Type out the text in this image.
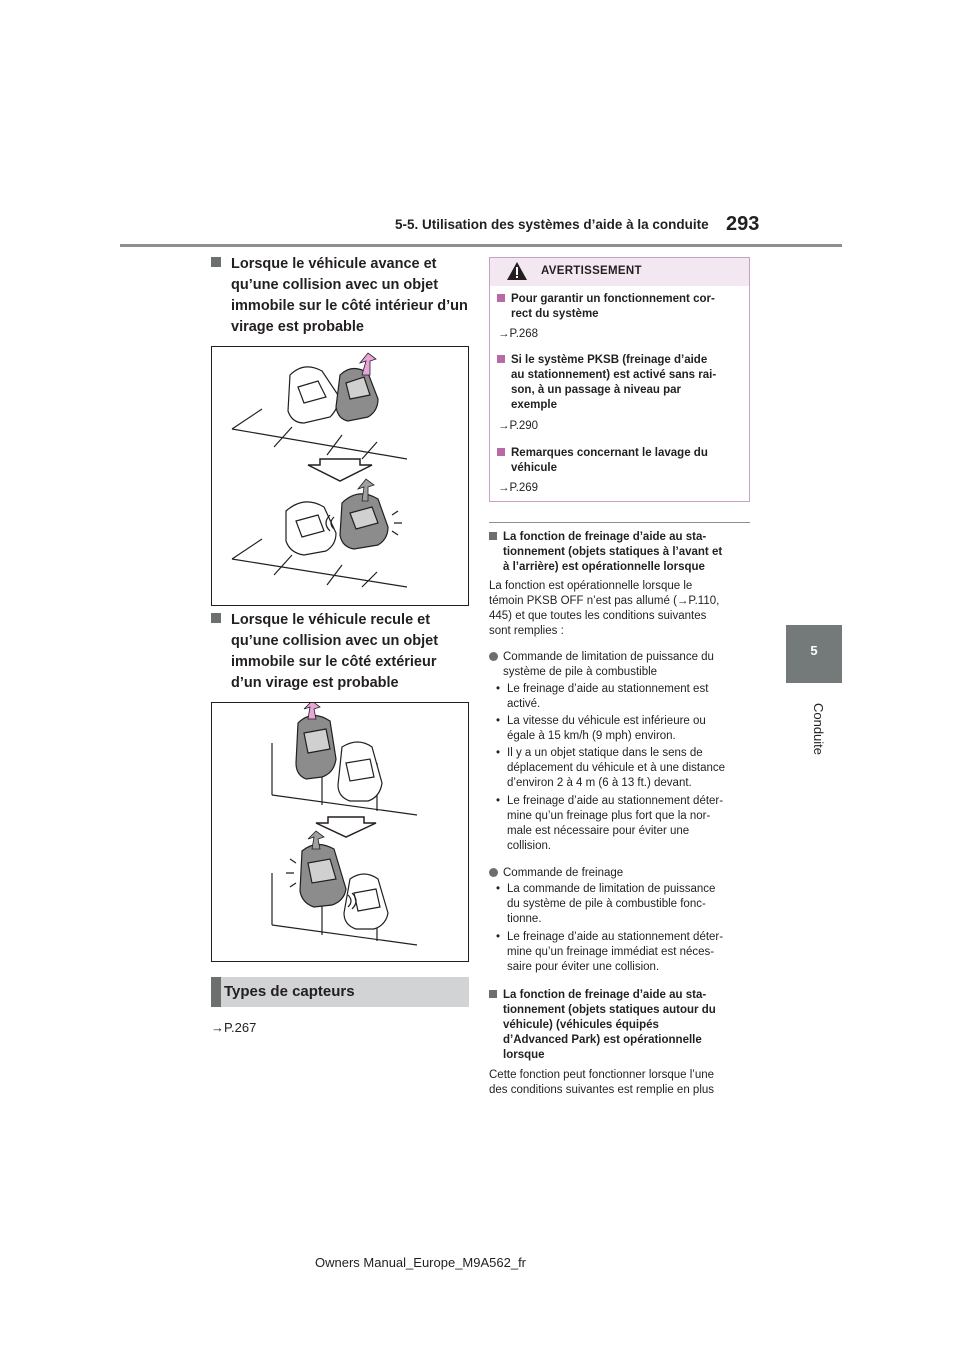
5-5. Utilisation des systèmes d’aide à la conduite 293
5
Conduite
Lorsque le véhicule avance et
qu’une collision avec un objet
immobile sur le côté intérieur d’un
virage est probable
Lorsque le véhicule recule et
qu’une collision avec un objet
immobile sur le côté extérieur
d’un virage est probable
Types de capteurs
→P.267
AVERTISSEMENT
Pour garantir un fonctionnement cor-
rect du système
→P.268
Si le système PKSB (freinage d’aide
au stationnement) est activé sans rai-
son, à un passage à niveau par
exemple
→P.290
Remarques concernant le lavage du
véhicule
→P.269
La fonction de freinage d’aide au sta-
tionnement (objets statiques à l’avant et
à l’arrière) est opérationnelle lorsque
La fonction est opérationnelle lorsque le
témoin PKSB OFF n’est pas allumé (→P.110,
445) et que toutes les conditions suivantes
sont remplies :
Commande de limitation de puissance du
système de pile à combustible
• Le freinage d’aide au stationnement est
activé.
• La vitesse du véhicule est inférieure ou
égale à 15 km/h (9 mph) environ.
• Il y a un objet statique dans le sens de
déplacement du véhicule et à une distance
d’environ 2 à 4 m (6 à 13 ft.) devant.
• Le freinage d’aide au stationnement déter-
mine qu’un freinage plus fort que la nor-
male est nécessaire pour éviter une
collision.
Commande de freinage
• La commande de limitation de puissance
du système de pile à combustible fonc-
tionne.
• Le freinage d’aide au stationnement déter-
mine qu’un freinage immédiat est néces-
saire pour éviter une collision.
La fonction de freinage d’aide au sta-
tionnement (objets statiques autour du
véhicule) (véhicules équipés
d’Advanced Park) est opérationnelle
lorsque
Cette fonction peut fonctionner lorsque l’une
des conditions suivantes est remplie en plus
Owners Manual_Europe_M9A562_fr
